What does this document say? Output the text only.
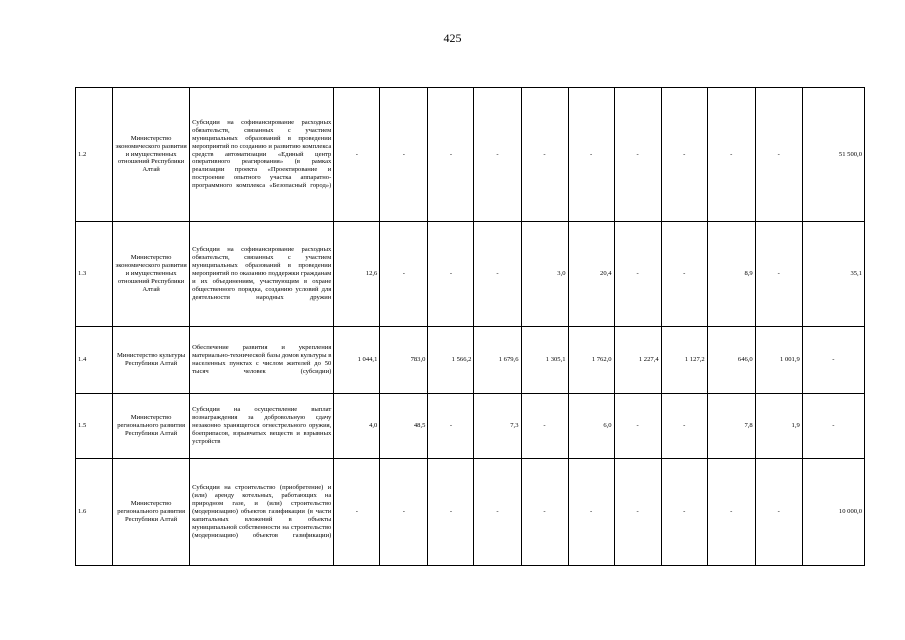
425
1.2	Министерство экономического развития и имущественных отношений Республики Алтай	Субсидии на софинансирование расходных обязательств, связанных с участием муниципальных образований в проведении мероприятий по созданию и развитию комплекса средств автоматизации «Единый центр оперативного реагирования» (в рамках реализации проекта «Проектирование и построение опытного участка аппаратно-программного комплекса «Безопасный город»)	-	-	-	-	-	-	-	-	-	-	51 500,0
1.3	Министерство экономического развития и имущественных отношений Республики Алтай	Субсидии на софинансирование расходных обязательств, связанных с участием муниципальных образований в проведении мероприятий по оказанию поддержки гражданам и их объединениям, участвующим в охране общественного порядка, созданию условий для деятельности народных дружин	12,6	-	-	-	3,0	20,4	-	-	8,9	-	35,1
1.4	Министерство культуры Республики Алтай	Обеспечение развития и укрепления материально-технической базы домов культуры в населенных пунктах с числом жителей до 50 тысяч человек (субсидии)	1 044,1	783,0	1 566,2	1 679,6	1 305,1	1 762,0	1 227,4	1 127,2	646,0	1 001,9	-
1.5	Министерство регионального развития Республики Алтай	Субсидии на осуществление выплат вознаграждения за добровольную сдачу незаконно хранящегося огнестрельного оружия, боеприпасов, взрывчатых веществ и взрывных устройств	4,0	48,5	-	7,3	-	6,0	-	-	7,8	1,9	-
1.6	Министерство регионального развития Республики Алтай	Субсидии на строительство (приобретение) и (или) аренду котельных, работающих на природном газе, и (или) строительство (модернизацию) объектов газификации (в части капитальных вложений в объекты муниципальной собственности на строительство (модернизацию) объектов газификации)	-	-	-	-	-	-	-	-	-	-	10 000,0
